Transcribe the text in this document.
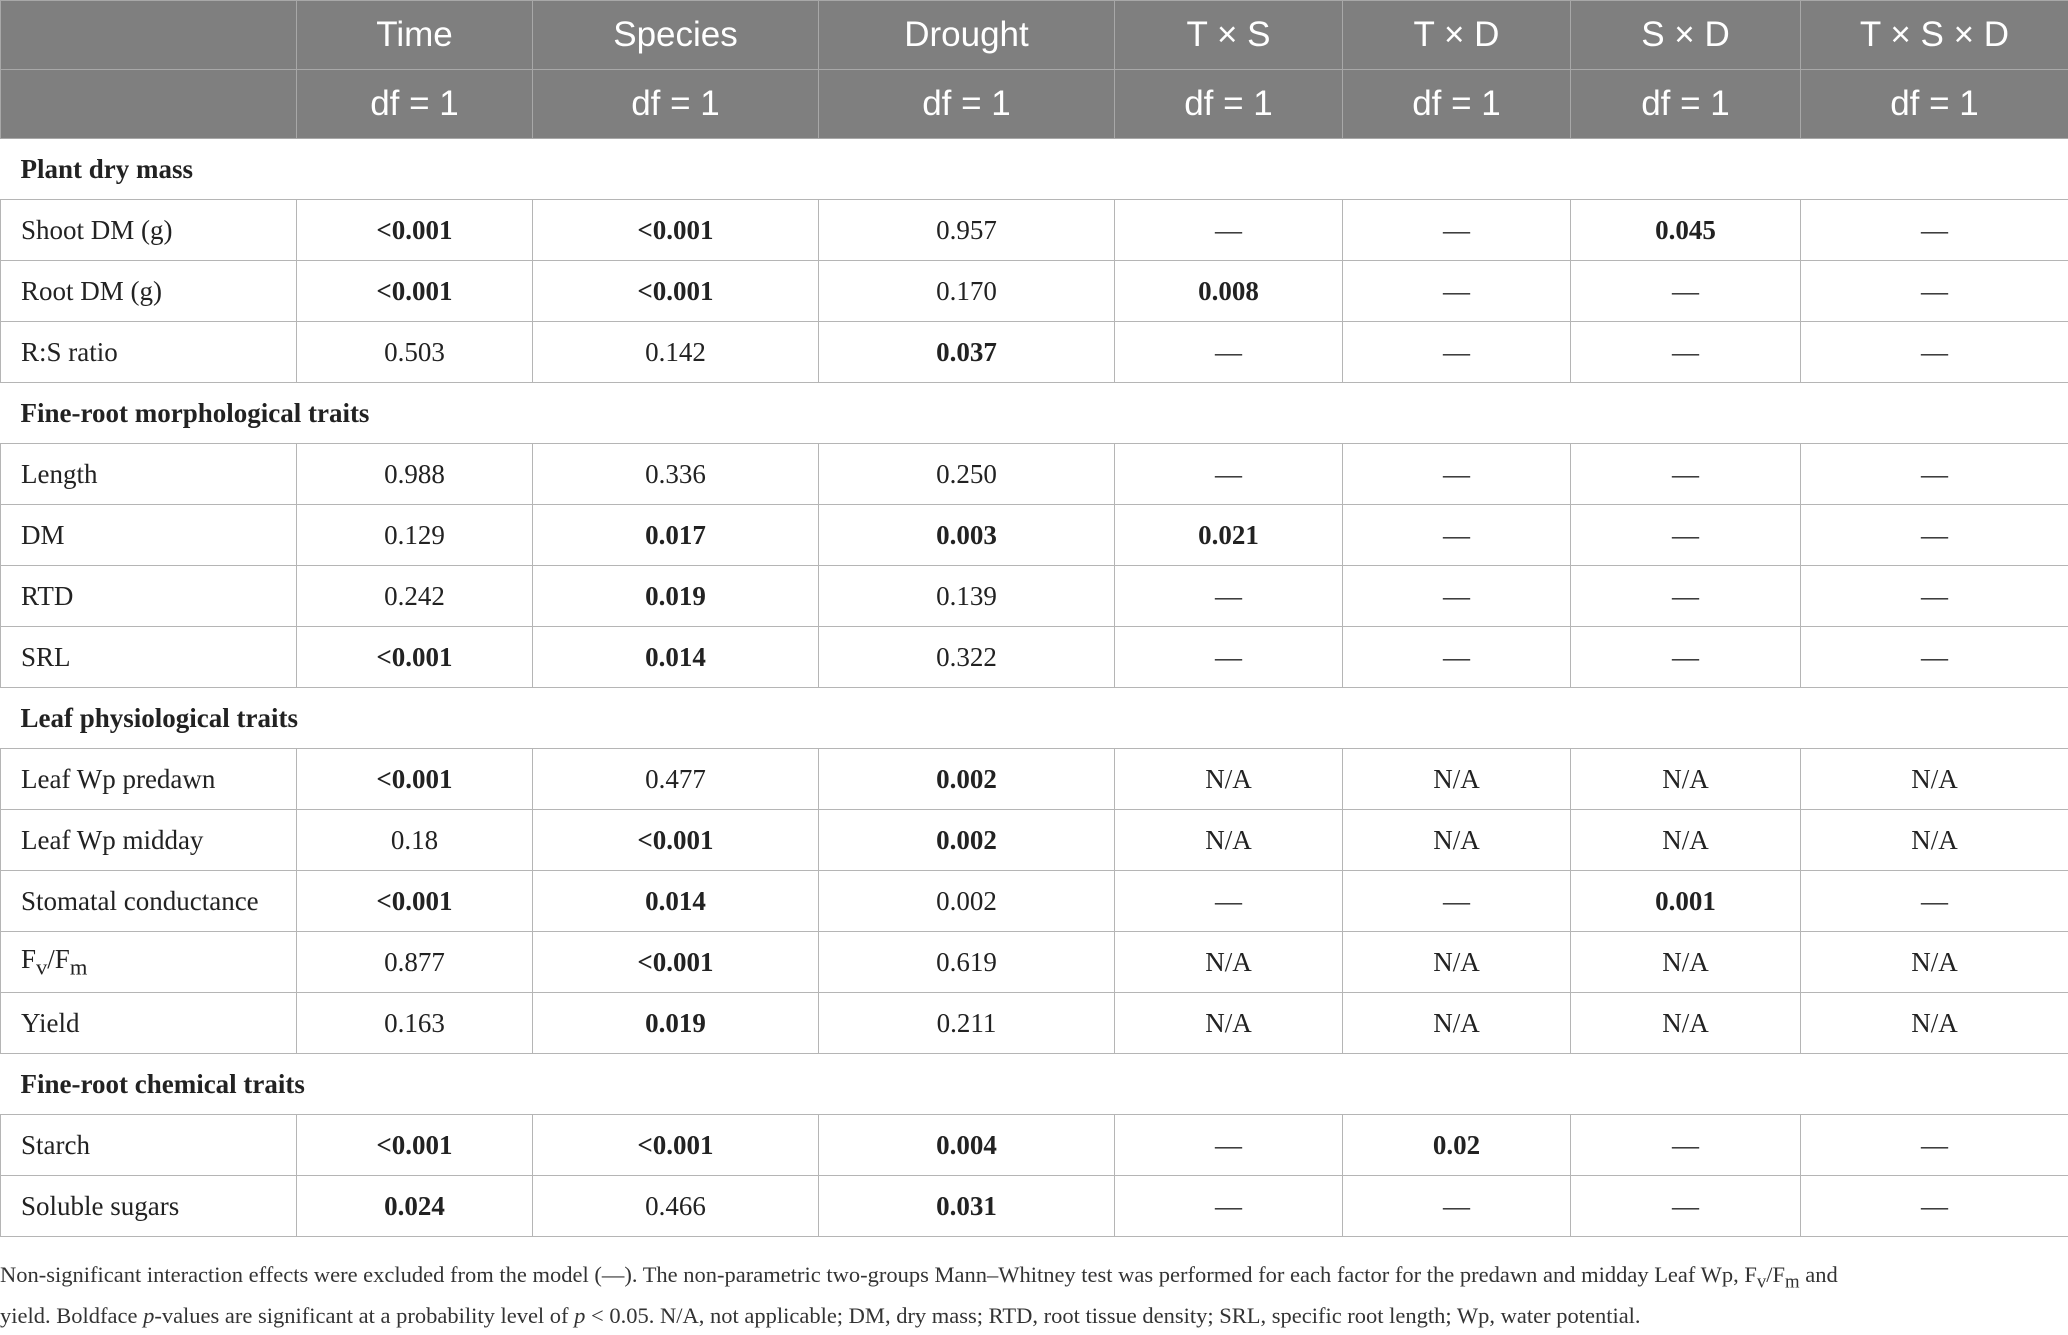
	Time	Species	Drought	T × S	T × D	S × D	T × S × D
	df = 1	df = 1	df = 1	df = 1	df = 1	df = 1	df = 1
Plant dry mass							
Shoot DM (g)	<0.001	<0.001	0.957	—	—	0.045	—
Root DM (g)	<0.001	<0.001	0.170	0.008	—	—	—
R:S ratio	0.503	0.142	0.037	—	—	—	—
Fine-root morphological traits							
Length	0.988	0.336	0.250	—	—	—	—
DM	0.129	0.017	0.003	0.021	—	—	—
RTD	0.242	0.019	0.139	—	—	—	—
SRL	<0.001	0.014	0.322	—	—	—	—
Leaf physiological traits							
Leaf Wp predawn	<0.001	0.477	0.002	N/A	N/A	N/A	N/A
Leaf Wp midday	0.18	<0.001	0.002	N/A	N/A	N/A	N/A
Stomatal conductance	<0.001	0.014	0.002	—	—	0.001	—
$F_v/F_m$	0.877	<0.001	0.619	N/A	N/A	N/A	N/A
Yield	0.163	0.019	0.211	N/A	N/A	N/A	N/A
Fine-root chemical traits							
Starch	<0.001	<0.001	0.004	—	0.02	—	—
Soluble sugars	0.024	0.466	0.031	—	—	—	—

Non-significant interaction effects were excluded from the model (—). The non-parametric two-groups Mann–Whitney test was performed for each factor for the predawn and midday Leaf Wp, $F_v/F_m$ and

yield. Boldface p-values are significant at a probability level of p < 0.05. N/A, not applicable; DM, dry mass; RTD, root tissue density; SRL, specific root length; Wp, water potential.
